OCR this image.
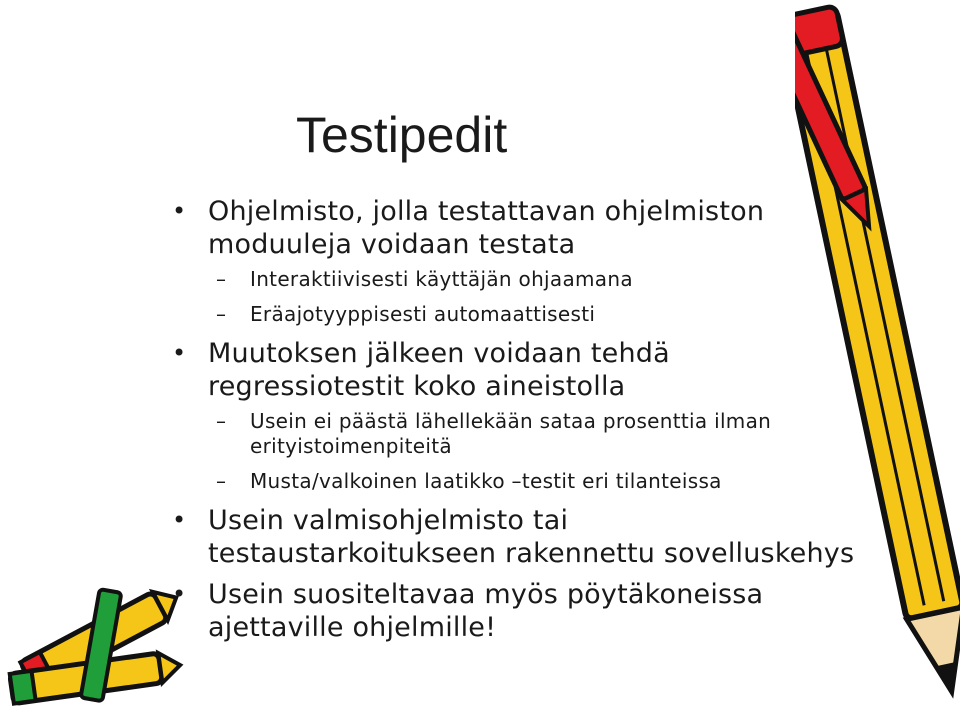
Testipedit
• Ohjelmisto, jolla testattavan ohjelmiston moduuleja voidaan testata
– Interaktiivisesti käyttäjän ohjaamana
– Eräajotyyppisesti automaattisesti
• Muutoksen jälkeen voidaan tehdä regressiotestit koko aineistolla
– Usein ei päästä lähellekään sataa prosenttia ilman erityistoimenpiteitä
– Musta/valkoinen laatikko –testit eri tilanteissa
• Usein valmisohjelmisto tai testaustarkoitukseen rakennettu sovelluskehys
• Usein suositeltavaa myös pöytäkoneissa ajettaville ohjelmille!
